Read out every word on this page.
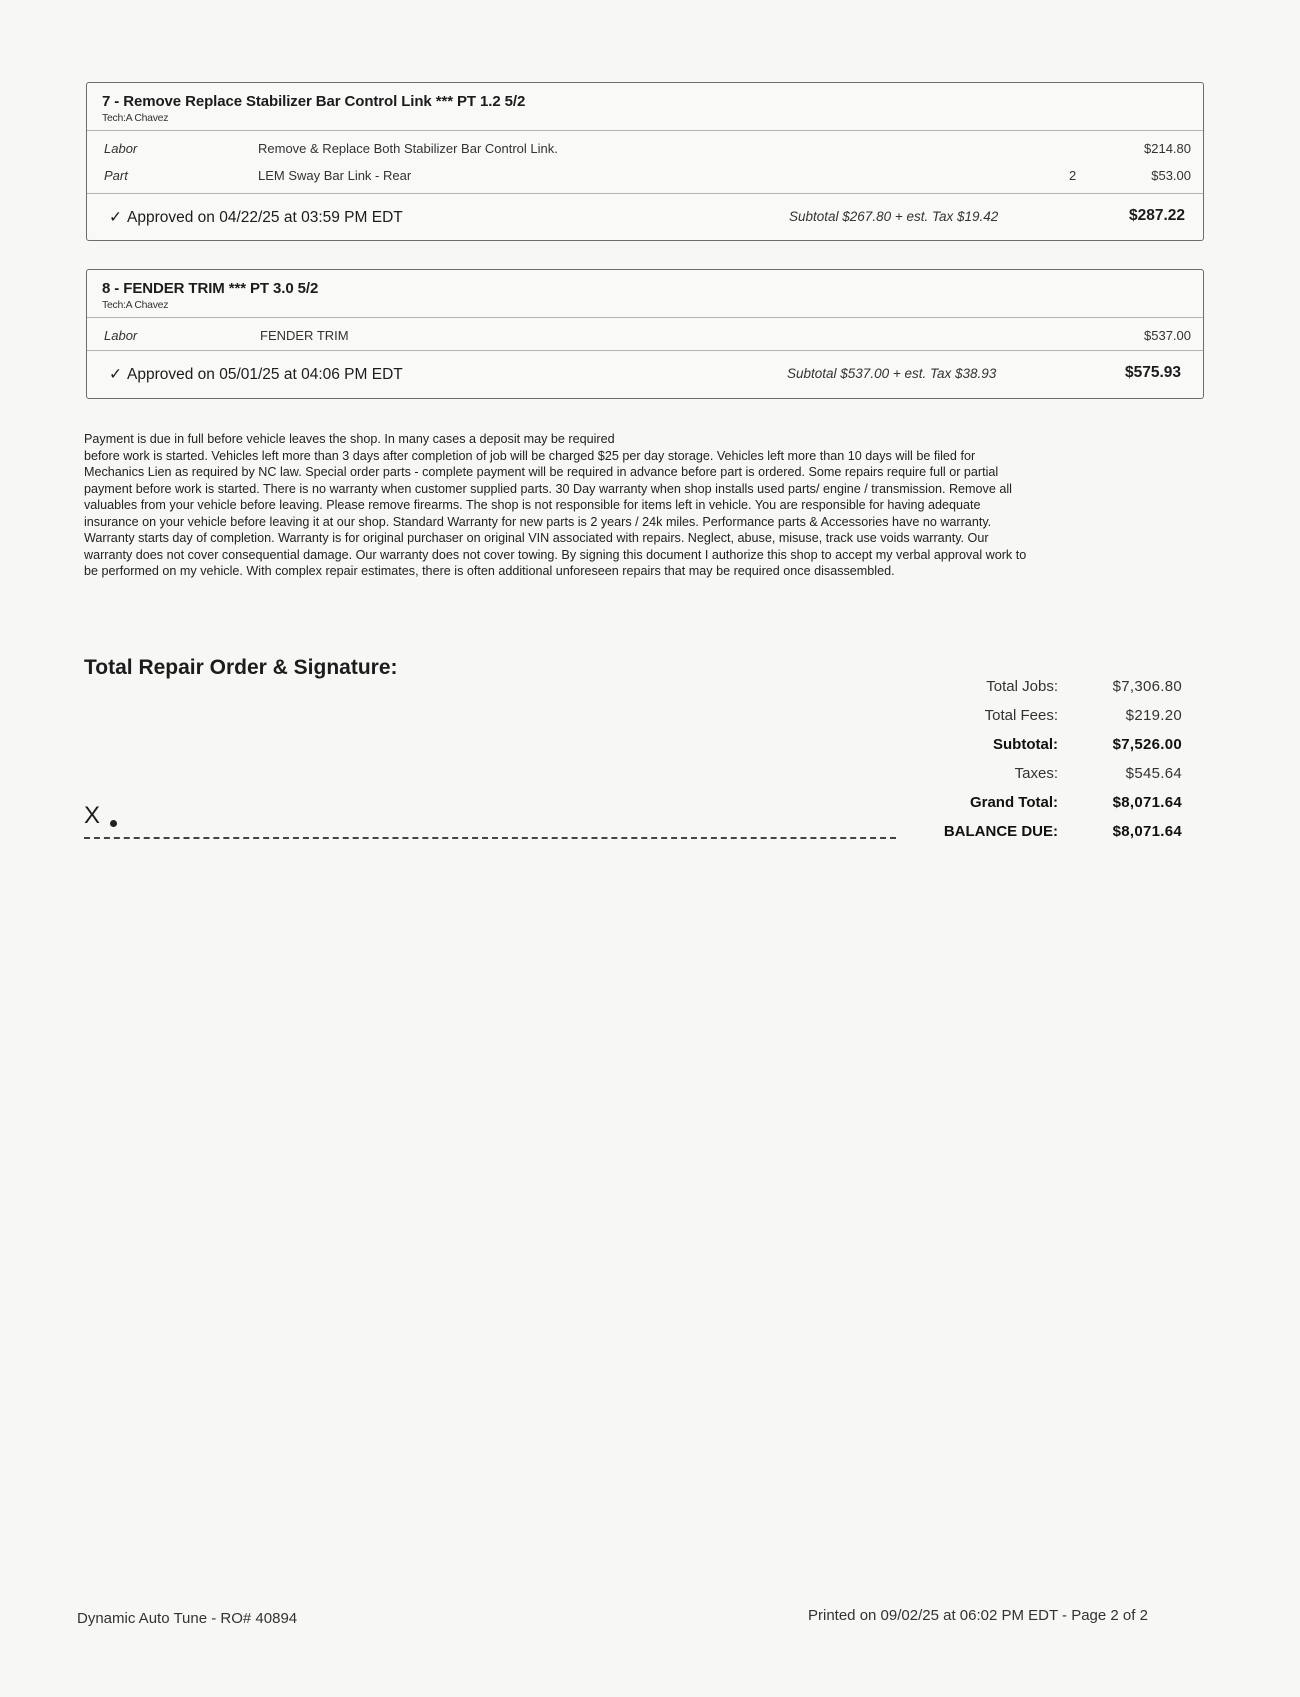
7 - Remove Replace Stabilizer Bar Control Link *** PT 1.2 5/2
Tech:A Chavez
Labor	Remove & Replace Both Stabilizer Bar Control Link.	$214.80
Part	LEM Sway Bar Link - Rear	2	$53.00
✓ Approved on 04/22/25 at 03:59 PM EDT	Subtotal $267.80 + est. Tax $19.42	$287.22
8 - FENDER TRIM *** PT 3.0 5/2
Tech:A Chavez
Labor	FENDER TRIM	$537.00
✓ Approved on 05/01/25 at 04:06 PM EDT	Subtotal $537.00 + est. Tax $38.93	$575.93

Payment is due in full before vehicle leaves the shop. In many cases a deposit may be required

before work is started. Vehicles left more than 3 days after completion of job will be charged $25 per day storage. Vehicles left more than 10 days will be filed for

Mechanics Lien as required by NC law. Special order parts - complete payment will be required in advance before part is ordered. Some repairs require full or partial

payment before work is started. There is no warranty when customer supplied parts. 30 Day warranty when shop installs used parts/ engine / transmission. Remove all

valuables from your vehicle before leaving. Please remove firearms. The shop is not responsible for items left in vehicle. You are responsible for having adequate

insurance on your vehicle before leaving it at our shop. Standard Warranty for new parts is 2 years / 24k miles. Performance parts & Accessories have no warranty.

Warranty starts day of completion. Warranty is for original purchaser on original VIN associated with repairs. Neglect, abuse, misuse, track use voids warranty. Our

warranty does not cover consequential damage. Our warranty does not cover towing. By signing this document I authorize this shop to accept my verbal approval work to

be performed on my vehicle. With complex repair estimates, there is often additional unforeseen repairs that may be required once disassembled.

Total Repair Order & Signature:
X
Total Jobs:	$7,306.80
Total Fees:	$219.20
Subtotal:	$7,526.00
Taxes:	$545.64
Grand Total:	$8,071.64
BALANCE DUE:	$8,071.64
Dynamic Auto Tune - RO# 40894	Printed on 09/02/25 at 06:02 PM EDT - Page 2 of 2
